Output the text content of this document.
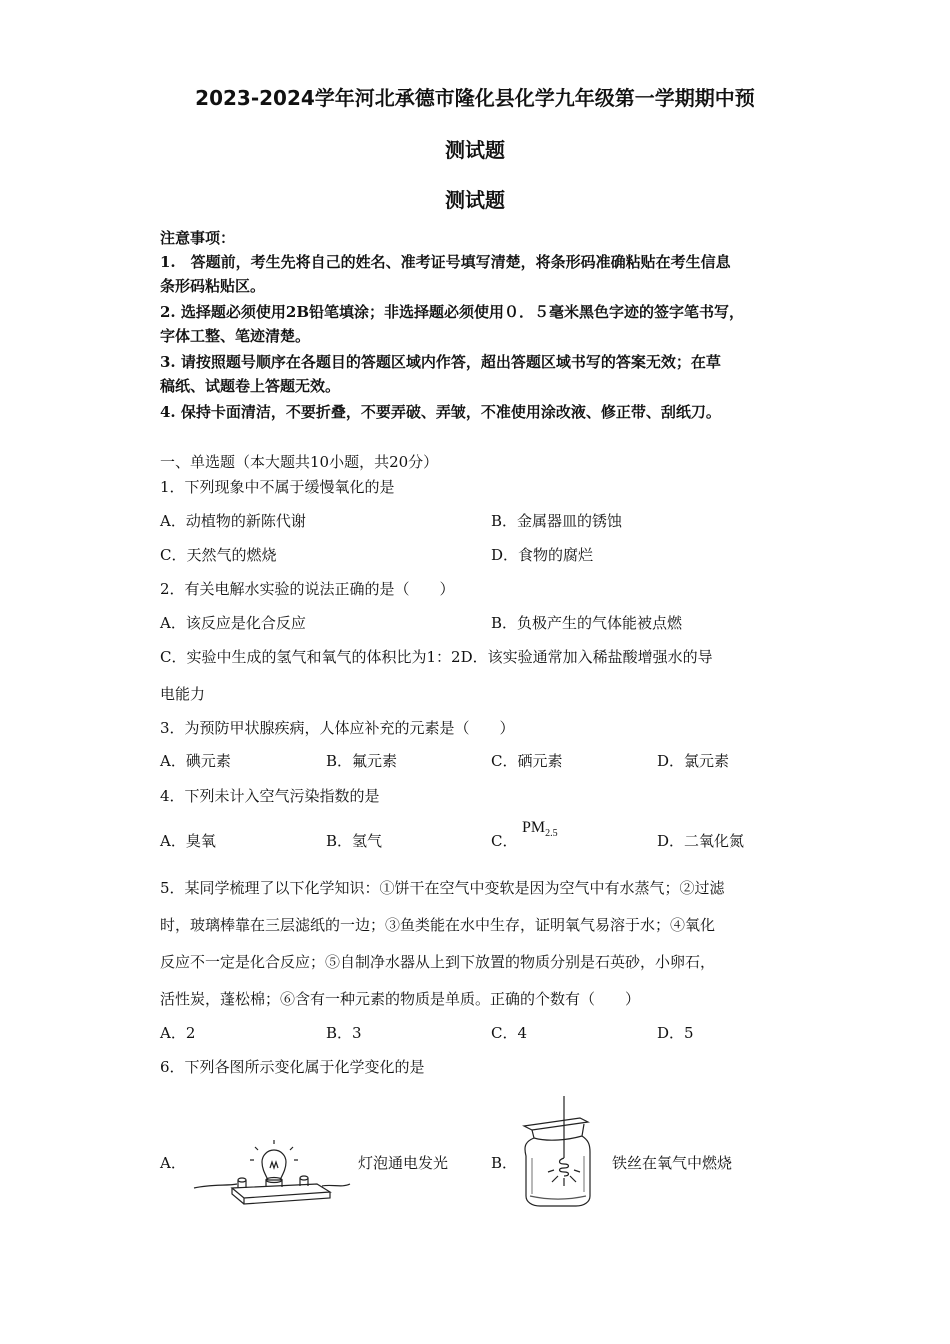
2023-2024学年河北承德市隆化县化学九年级第一学期期中预
测试题
测试题
注意事项：
1.　答题前，考生先将自己的姓名、准考证号填写清楚，将条形码准确粘贴在考生信息
条形码粘贴区。
2. 选择题必须使用2B铅笔填涂；非选择题必须使用０．５毫米黑色字迹的签字笔书写，
字体工整、笔迹清楚。
3. 请按照题号顺序在各题目的答题区域内作答，超出答题区域书写的答案无效；在草
稿纸、试题卷上答题无效。
4. 保持卡面清洁，不要折叠，不要弄破、弄皱，不准使用涂改液、修正带、刮纸刀。
一、单选题（本大题共10小题，共20分）
1．下列现象中不属于缓慢氧化的是
A．动植物的新陈代谢	B．金属器皿的锈蚀
C．天然气的燃烧	D．食物的腐烂
2．有关电解水实验的说法正确的是（　　）
A．该反应是化合反应	B．负极产生的气体能被点燃
C．实验中生成的氢气和氧气的体积比为1：2D．该实验通常加入稀盐酸增强水的导
电能力
3．为预防甲状腺疾病，人体应补充的元素是（　　）
A．碘元素	B．氟元素	C．硒元素	D．氯元素
4．下列未计入空气污染指数的是
A．臭氧	B．氢气	C．
$PM_{2.5}$	D．二氧化氮
5．某同学梳理了以下化学知识：①饼干在空气中变软是因为空气中有水蒸气；②过滤
时，玻璃棒靠在三层滤纸的一边；③鱼类能在水中生存，证明氧气易溶于水；④氧化
反应不一定是化合反应；⑤自制净水器从上到下放置的物质分别是石英砂，小卵石，
活性炭，蓬松棉；⑥含有一种元素的物质是单质。正确的个数有（　　）
A．2	B．3	C．4	D．5
6．下列各图所示变化属于化学变化的是
A．	灯泡通电发光	B．	铁丝在氧气中燃烧
